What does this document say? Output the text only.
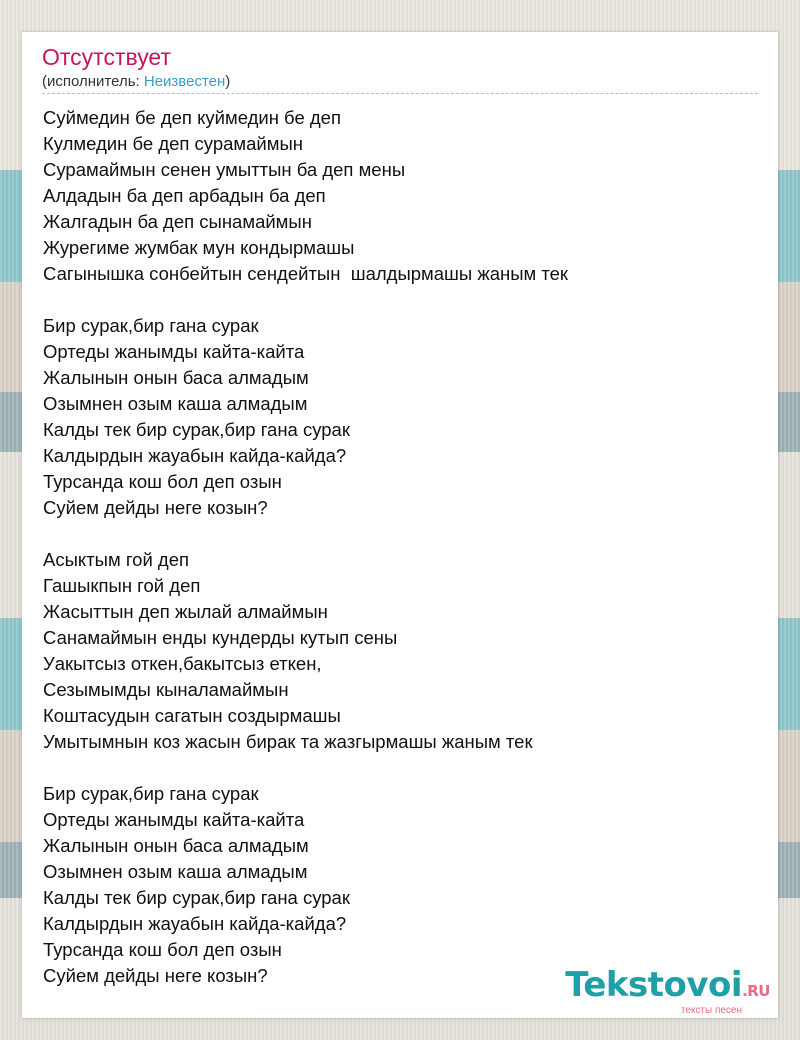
Отсутствует
(исполнитель: Неизвестен)
Суймедин бе деп куймедин бе деп
Кулмедин бе деп сурамаймын
Сурамаймын сенен умыттын ба деп мены
Алдадын ба деп арбадын ба деп
Жалгадын ба деп сынамаймын
Журегиме жумбак мун кондырмашы
Сагынышка сонбейтын сендейтын  шалдырмашы жаным тек
Бир сурак,бир гана сурак
Ортеды жанымды кайта-кайта
Жалынын онын баса алмадым
Озымнен озым каша алмадым
Калды тек бир сурак,бир гана сурак
Калдырдын жауабын кайда-кайда?
Турсанда кош бол деп озын
Суйем дейды неге козын?
Асыктым гой деп
Гашыкпын гой деп
Жасыттын деп жылай алмаймын
Санамаймын енды кундерды кутып сены
Уакытсыз откен,бакытсыз еткен,
Сезымымды кыналамаймын
Коштасудын сагатын создырмашы
Умытымнын коз жасын бирак та жазгырмашы жаным тек
Бир сурак,бир гана сурак
Ортеды жанымды кайта-кайта
Жалынын онын баса алмадым
Озымнен озым каша алмадым
Калды тек бир сурак,бир гана сурак
Калдырдын жауабын кайда-кайда?
Турсанда кош бол деп озын
Суйем дейды неге козын?	Tekstovoi.RU
тексты песен
